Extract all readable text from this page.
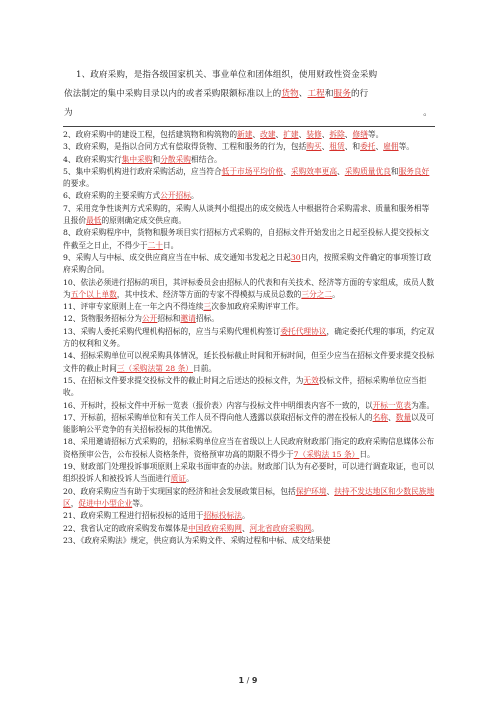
1、政府采购，是指各级国家机关、事业单位和团体组织，使用财政性资金采购
依法制定的集中采购目录以内的或者采购限额标准以上的货物、工程和服务的行
为	。
2、政府采购中的建设工程，包括建筑物和构筑物的新建、改建、扩建、装修、拆除、修缮等。
3、政府采购，是指以合同方式有偿取得货物、工程和服务的行为，包括购买、租赁、和委托、雇佣等。
4、政府采购实行集中采购和分散采购相结合。
5、集中采购机构进行政府采购活动，应当符合低于市场平均价格、采购效率更高、采购质量优良和服务良好的要求。
6、政府采购的主要采购方式公开招标。
7、采用竞争性谈判方式采购的，采购人从谈判小组提出的成交候选人中根据符合采购需求、质量和服务相等且报价最低的原则确定成交供应商。
8、政府采购程序中，货物和服务项目实行招标方式采购的，自招标文件开始发出之日起至投标人提交投标文件截至之日止，不得少于二十日。
9、采购人与中标、成交供应商应当在中标、成交通知书发起之日起30日内，按照采购文件确定的事项签订政府采购合同。
10、依法必须进行招标的项目，其评标委员会由招标人的代表和有关技术、经济等方面的专家组成，成员人数为五个以上单数，其中技术、经济等方面的专家不得模拟与成员总数的三分之二。
11、评审专家原则上在一年之内不得连续三次参加政府采购评审工作。
12、货物服务招标分为公开招标和邀请招标。
13、采购人委托采购代理机构招标的，应当与采购代理机构签订委托代理协议，确定委托代理的事项，约定双方的权利和义务。
14、招标采购单位可以视采购具体情况，延长投标截止时间和开标时间，但至少应当在招标文件要求提交投标文件的截止时间三（采购法第 28 条）日前。
15、在招标文件要求提交投标文件的截止时间之后送达的投标文件，为无效投标文件，招标采购单位应当拒收。
16、开标时，投标文件中开标一览表（报价表）内容与投标文件中明细表内容不一致的，以开标一览表为准。
17、开标前，招标采购单位和有关工作人员不得向他人透露以获取招标文件的潜在投标人的名称、数量以及可能影响公平竞争的有关招标投标的其他情况。
18、采用邀请招标方式采购的，招标采购单位应当在省级以上人民政府财政部门指定的政府采购信息媒体公布资格预审公告，公布投标人资格条件，资格预审功高的期限不得少于7（采购法 15 条）日。
19、财政部门处理投诉事项原则上采取书面审查的办法。财政部门认为有必要时，可以进行调查取证，也可以组织投诉人和被投诉人当面进行质证。
20、政府采购应当有助于实现国家的经济和社会发展政策目标，包括保护环境、扶持不发达地区和少数民族地区，促进中小型企业等。
21、政府采购工程进行招标投标的适用于招标投标法。
22、我省认定的政府采购发布媒体是中国政府采购网、河北省政府采购网。
23、《政府采购法》规定，供应商认为采购文件、采购过程和中标、成交结果使
1 / 9
